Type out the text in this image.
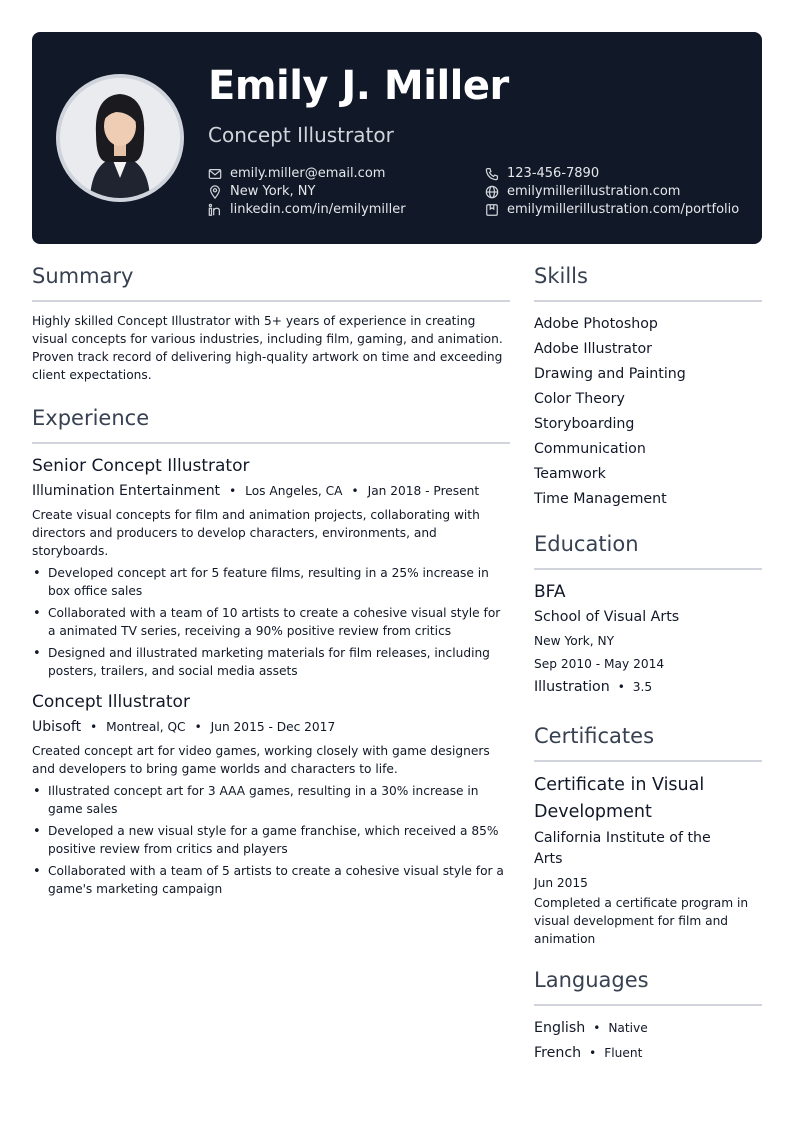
Emily J. Miller
Concept Illustrator
emily.miller@email.com
New York, NY
linkedin.com/in/emilymiller
123-456-7890
emilymillerillustration.com
emilymillerillustration.com/portfolio
Summary
Highly skilled Concept Illustrator with 5+ years of experience in creating visual concepts for various industries, including film, gaming, and animation. Proven track record of delivering high-quality artwork on time and exceeding client expectations.
Experience
Senior Concept Illustrator
Illumination Entertainment • Los Angeles, CA • Jan 2018 - Present
Create visual concepts for film and animation projects, collaborating with directors and producers to develop characters, environments, and storyboards.
• Developed concept art for 5 feature films, resulting in a 25% increase in box office sales
• Collaborated with a team of 10 artists to create a cohesive visual style for a animated TV series, receiving a 90% positive review from critics
• Designed and illustrated marketing materials for film releases, including posters, trailers, and social media assets
Concept Illustrator
Ubisoft • Montreal, QC • Jun 2015 - Dec 2017
Created concept art for video games, working closely with game designers and developers to bring game worlds and characters to life.
• Illustrated concept art for 3 AAA games, resulting in a 30% increase in game sales
• Developed a new visual style for a game franchise, which received a 85% positive review from critics and players
• Collaborated with a team of 5 artists to create a cohesive visual style for a game's marketing campaign
Skills
Adobe Photoshop
Adobe Illustrator
Drawing and Painting
Color Theory
Storyboarding
Communication
Teamwork
Time Management
Education
BFA
School of Visual Arts
New York, NY
Sep 2010 - May 2014
Illustration • 3.5
Certificates
Certificate in Visual Development
California Institute of the Arts
Jun 2015
Completed a certificate program in visual development for film and animation
Languages
English • Native
French • Fluent
